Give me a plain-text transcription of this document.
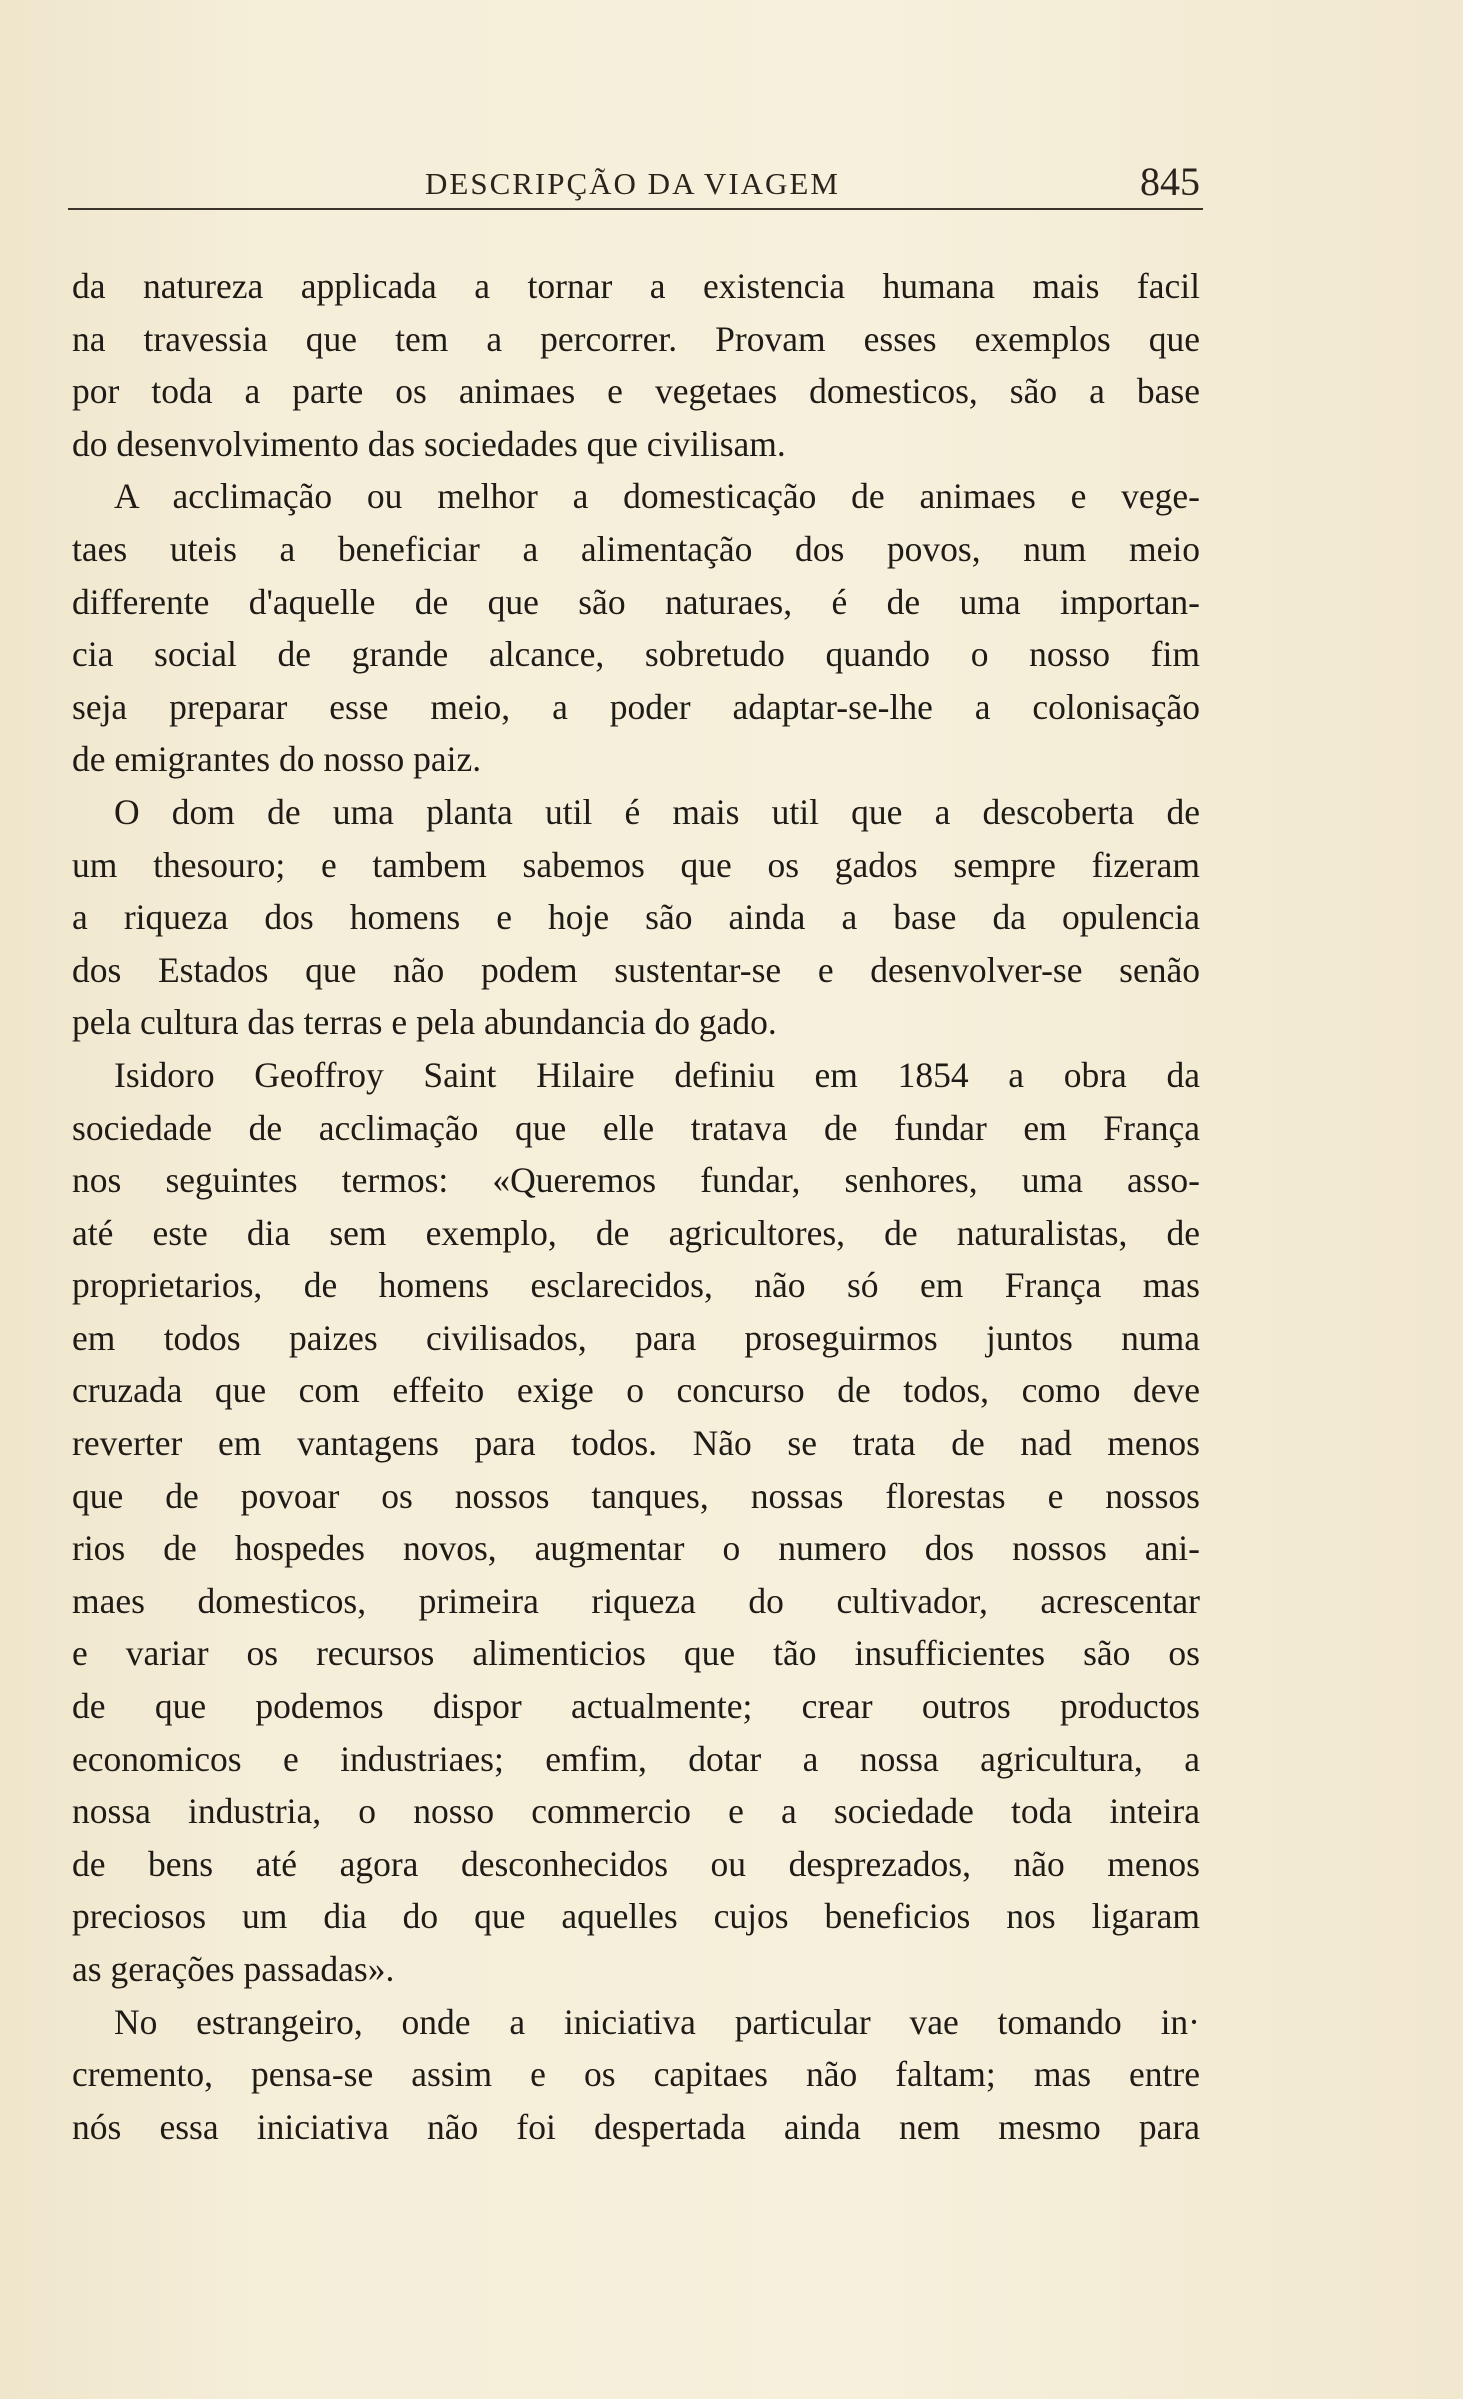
DESCRIPÇÃO DA VIAGEM	845
da natureza applicada a tornar a existencia humana mais facil
na travessia que tem a percorrer. Provam esses exemplos que
por toda a parte os animaes e vegetaes domesticos, são a base
do desenvolvimento das sociedades que civilisam.
A acclimação ou melhor a domesticação de animaes e vege-
taes uteis a beneficiar a alimentação dos povos, num meio
differente d'aquelle de que são naturaes, é de uma importan-
cia social de grande alcance, sobretudo quando o nosso fim
seja preparar esse meio, a poder adaptar-se-lhe a colonisação
de emigrantes do nosso paiz.
O dom de uma planta util é mais util que a descoberta de
um thesouro; e tambem sabemos que os gados sempre fizeram
a riqueza dos homens e hoje são ainda a base da opulencia
dos Estados que não podem sustentar-se e desenvolver-se senão
pela cultura das terras e pela abundancia do gado.
Isidoro Geoffroy Saint Hilaire definiu em 1854 a obra da
sociedade de acclimação que elle tratava de fundar em França
nos seguintes termos: «Queremos fundar, senhores, uma asso-
até este dia sem exemplo, de agricultores, de naturalistas, de
proprietarios, de homens esclarecidos, não só em França mas
em todos paizes civilisados, para proseguirmos juntos numa
cruzada que com effeito exige o concurso de todos, como deve
reverter em vantagens para todos. Não se trata de nad menos
que de povoar os nossos tanques, nossas florestas e nossos
rios de hospedes novos, augmentar o numero dos nossos ani-
maes domesticos, primeira riqueza do cultivador, acrescentar
e variar os recursos alimenticios que tão insufficientes são os
de que podemos dispor actualmente; crear outros productos
economicos e industriaes; emfim, dotar a nossa agricultura, a
nossa industria, o nosso commercio e a sociedade toda inteira
de bens até agora desconhecidos ou desprezados, não menos
preciosos um dia do que aquelles cujos beneficios nos ligaram
as gerações passadas».
No estrangeiro, onde a iniciativa particular vae tomando in·
cremento, pensa-se assim e os capitaes não faltam; mas entre
nós essa iniciativa não foi despertada ainda nem mesmo para
